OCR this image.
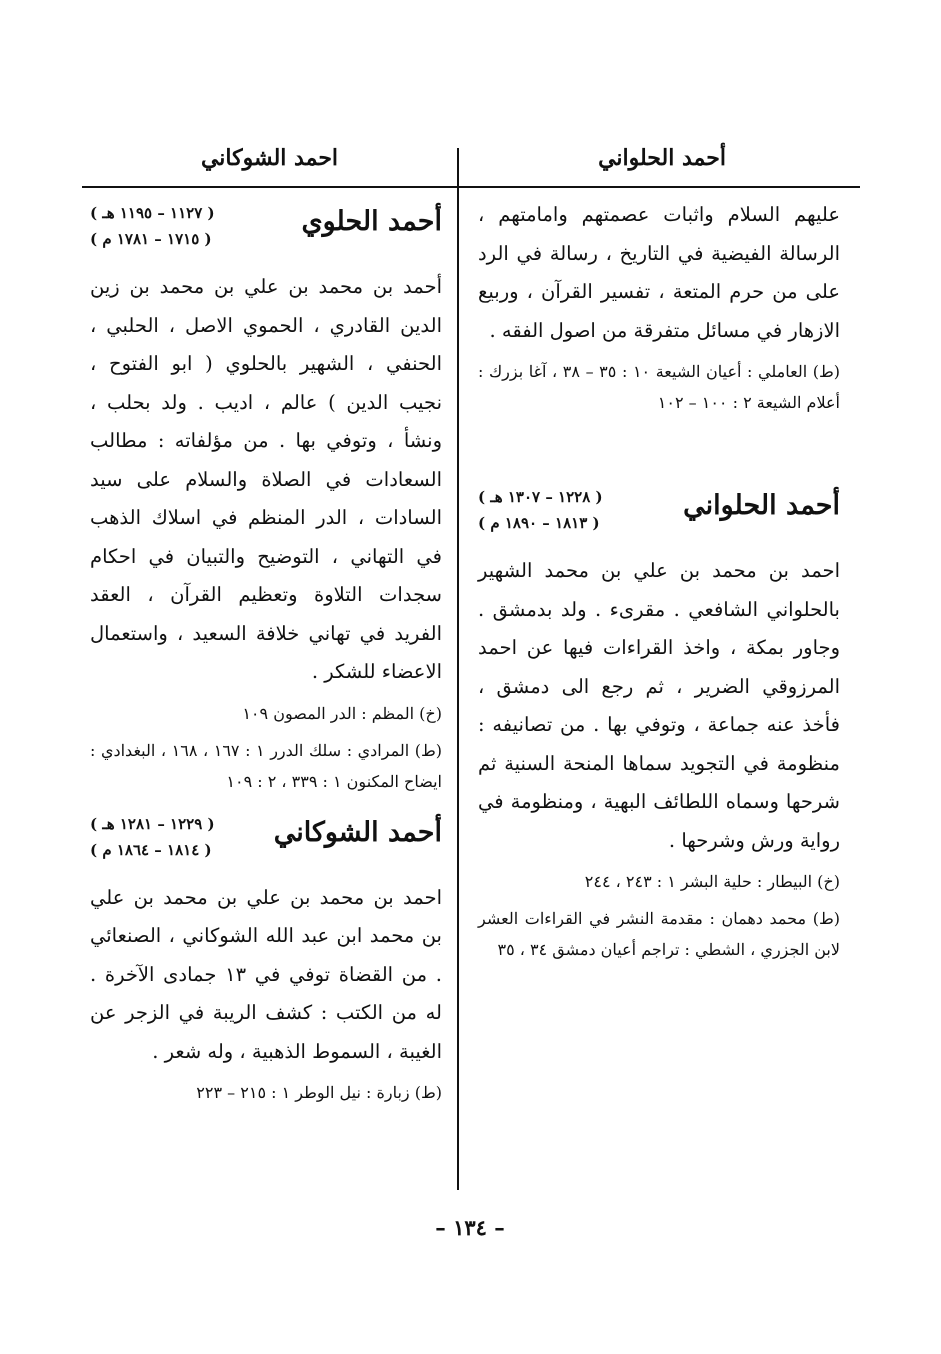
أحمد الحلواني
احمد الشوكاني

عليهم السلام واثبات عصمتهم وامامتهم ، الرسالة الفيضية في التاريخ ، رسالة في الرد على من حرم المتعة ، تفسير القرآن ، وربيع الازهار في مسائل متفرقة من اصول الفقه .

(ط) العاملي : أعيان الشيعة ١٠ : ٣٥ – ٣٨ ، آغا بزرك : أعلام الشيعة ٢ : ١٠٠ – ١٠٢

أحمد الحلواني
( ١٢٢٨ – ١٣٠٧ هـ )
( ١٨١٣ – ١٨٩٠ م )

احمد بن محمد بن علي بن محمد الشهير بالحلواني الشافعي . مقرىء . ولد بدمشق . وجاور بمكة ، واخذ القراءات فيها عن احمد المرزوقي الضرير ، ثم رجع الى دمشق ، فأخذ عنه جماعة ، وتوفي بها . من تصانيفه : منظومة في التجويد سماها المنحة السنية ثم شرحها وسماه اللطائف البهية ، ومنظومة في رواية ورش وشرحها .

(خ) البيطار : حلية البشر ١ : ٢٤٣ ، ٢٤٤

(ط) محمد دهمان : مقدمة النشر في القراءات العشر لابن الجزري ، الشطي : تراجم أعيان دمشق ٣٤ ، ٣٥

أحمد الحلوي
( ١١٢٧ – ١١٩٥ هـ )
( ١٧١٥ – ١٧٨١ م )

أحمد بن محمد بن علي بن محمد بن زين الدين القادري ، الحموي الاصل ، الحلبي ، الحنفي ، الشهير بالحلوي ( ابو الفتوح ، نجيب الدين ) عالم ، اديب . ولد بحلب ، ونشأ ، وتوفي بها . من مؤلفاته : مطالب السعادات في الصلاة والسلام على سيد السادات ، الدر المنظم في اسلاك الذهب في التهاني ، التوضيح والتبيان في احكام سجدات التلاوة وتعظيم القرآن ، العقد الفريد في تهاني خلافة السعيد ، واستعمال الاعضاء للشكر .

(خ) المظم : الدر المصون ١٠٩

(ط) المرادي : سلك الدرر ١ : ١٦٧ ، ١٦٨ ، البغدادي : ايضاح المكنون ١ : ٣٣٩ ، ٢ : ١٠٩

أحمد الشوكاني
( ١٢٢٩ – ١٢٨١ هـ )
( ١٨١٤ – ١٨٦٤ م )

احمد بن محمد بن علي بن محمد بن علي بن محمد ابن عبد الله الشوكاني ، الصنعائي . من القضاة توفي في ١٣ جمادى الآخرة . له من الكتب : كشف الريبة في الزجر عن الغيبة ، السموط الذهبية ، وله شعر .

(ط) زبارة : نيل الوطر ١ : ٢١٥ – ٢٢٣

– ١٣٤ –
